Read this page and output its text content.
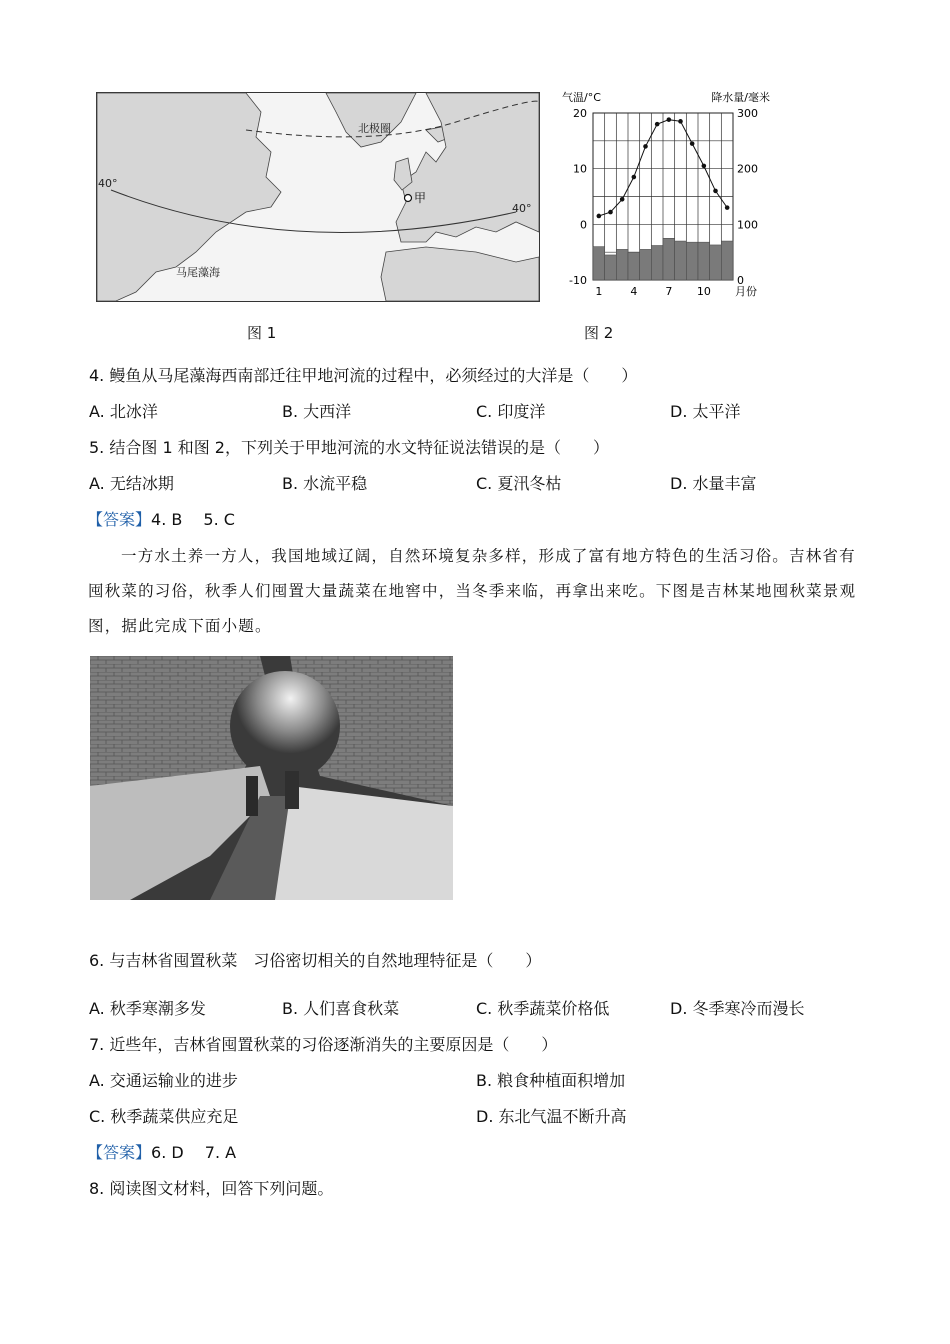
北极圈
40°
40°
甲
马尾藻海
图 1
气温/°C	降水量/毫米
20
10
0
-10
300
200
100
0
1	4	7 10 月份
图 2
4. 鳗鱼从马尾藻海西南部迁往甲地河流的过程中，必须经过的大洋是（　　）
A. 北冰洋	B. 大西洋	C. 印度洋	D. 太平洋
5. 结合图 1 和图 2，下列关于甲地河流的水文特征说法错误的是（　　）
A. 无结冰期	B. 水流平稳	C. 夏汛冬枯	D. 水量丰富
【答案】4. B　 5. C
一方水土养一方人，我国地域辽阔，自然环境复杂多样，形成了富有地方特色的生活习俗。吉林省有
囤秋菜的习俗，秋季人们囤置大量蔬菜在地窖中，当冬季来临，再拿出来吃。下图是吉林某地囤秋菜景观
图，据此完成下面小题。
6. 与吉林省囤置秋菜　习俗密切相关的自然地理特征是（　　）
A. 秋季寒潮多发	B. 人们喜食秋菜	C. 秋季蔬菜价格低	D. 冬季寒冷而漫长
7. 近些年，吉林省囤置秋菜的习俗逐渐消失的主要原因是（　　）
A. 交通运输业的进步	B. 粮食种植面积增加
C. 秋季蔬菜供应充足	D. 东北气温不断升高
【答案】6. D　 7. A
8. 阅读图文材料，回答下列问题。
